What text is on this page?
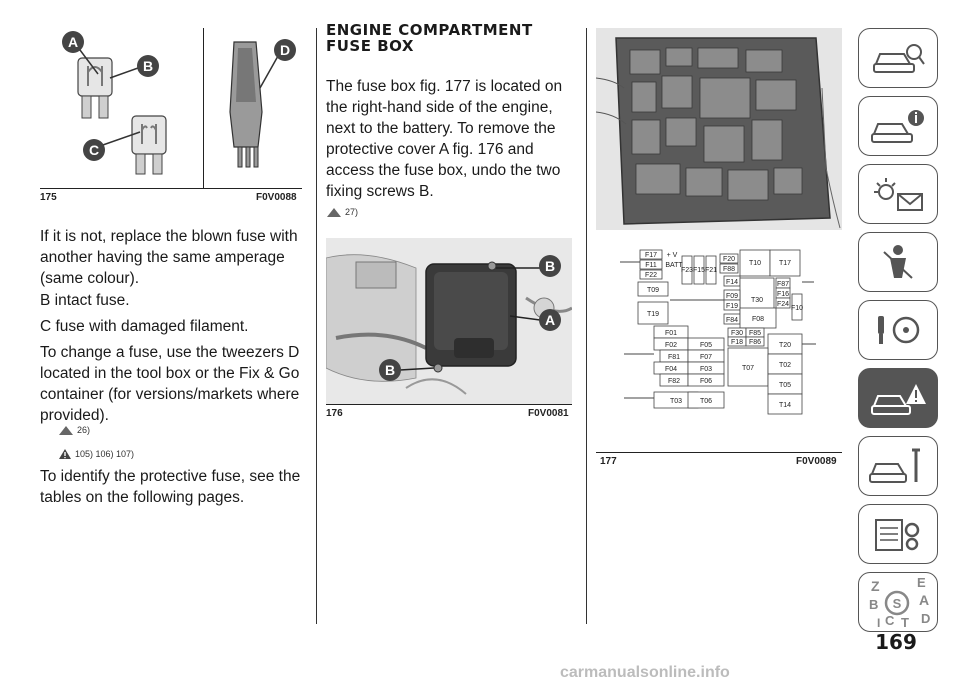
A
B
C
D
175	F0V0088
If it is not, replace the blown fuse with another having the same amperage (same colour).
B intact fuse.
C fuse with damaged filament.
To change a fuse, use the tweezers D located in the tool box or the Fix & Go container (for versions/markets where provided).
26)
105) 106) 107)
To identify the protective fuse, see the tables on the following pages.
ENGINE COMPARTMENT FUSE BOX
The fuse box fig. 177 is located on the right-hand side of the engine, next to the battery. To remove the protective cover A fig. 176 and access the fuse box, undo the two fixing screws B.
27)
B
A
B
176	F0V0081
F17 + V
F11 BATT
F22
F23 F15 F21
F20
F88
T10	T17
T09
F14
T30
F87
F16
F24
F10
F09
F19
T19
F84 F08
F01	F30 F85
F02	F05	F18 F86	T20
F81	F07
T07	T02
F04	F03
F82	F06
T05
T03	T06
T14
177	F0V0089
Z	E
B	A
C T D
I
S
169
carmanualsonline.info
